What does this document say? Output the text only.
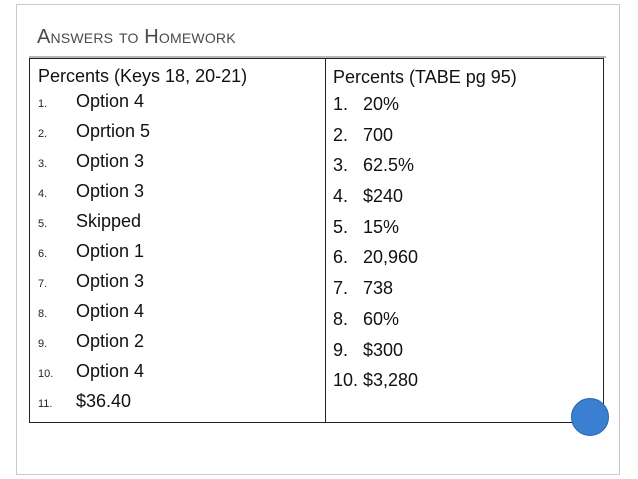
Answers to Homework
Percents (Keys 18, 20-21)
1.	Option 4
2.	Oprtion 5
3.	Option 3
4.	Option 3
5.	Skipped
6.	Option 1
7.	Option 3
8.	Option 4
9.	Option 2
10.	Option 4
11.	$36.40
Percents (TABE pg 95)
1. 20%
2. 700
3. 62.5%
4. $240
5. 15%
6. 20,960
7. 738
8. 60%
9. $300
10. $3,280
